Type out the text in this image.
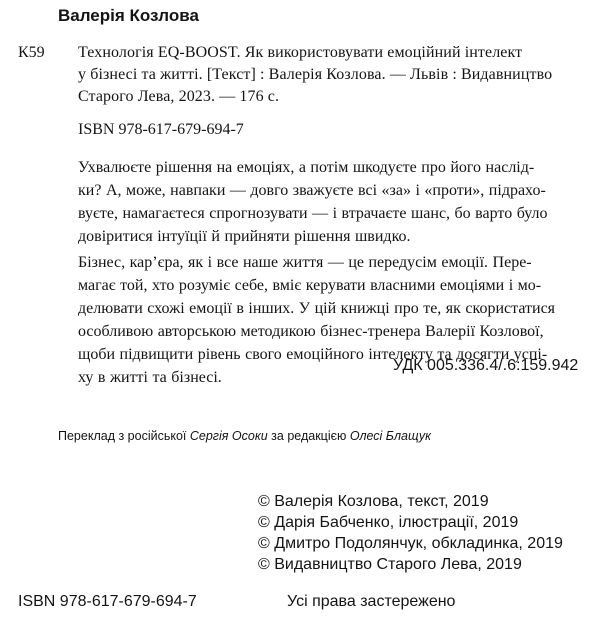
Валерія Козлова
К59 Технологія EQ-BOOST. Як використовувати емоційний інтелект
у бізнесі та житті. [Текст] : Валерія Козлова. — Львів : Видавництво
Старого Лева, 2023. — 176 с.
ISBN 978-617-679-694-7
Ухвалюєте рішення на емоціях, а потім шкодуєте про його наслід-
ки? А, може, навпаки — довго зважуєте всі «за» і «проти», підрахо-
вуєте, намагаєтеся спрогнозувати — і втрачаєте шанс, бо варто було
довіритися інтуїції й прийняти рішення швидко.
Бізнес, кар’єра, як і все наше життя — це передусім емоції. Пере-
магає той, хто розуміє себе, вміє керувати власними емоціями і мо-
делювати схожі емоції в інших. У цій книжці про те, як скористатися
особливою авторською методикою бізнес-тренера Валерії Козлової,
щоби підвищити рівень свого емоційного інтелекту та досягти успі-
ху в житті та бізнесі.
УДК 005.336.4/.6:159.942
Переклад з російської Сергія Осоки за редакцією Олесі Блащук
© Валерія Козлова, текст, 2019
© Дарія Бабченко, ілюстрації, 2019
© Дмитро Подолянчук, обкладинка, 2019
© Видавництво Старого Лева, 2019
ISBN 978-617-679-694-7	Усі права застережено
